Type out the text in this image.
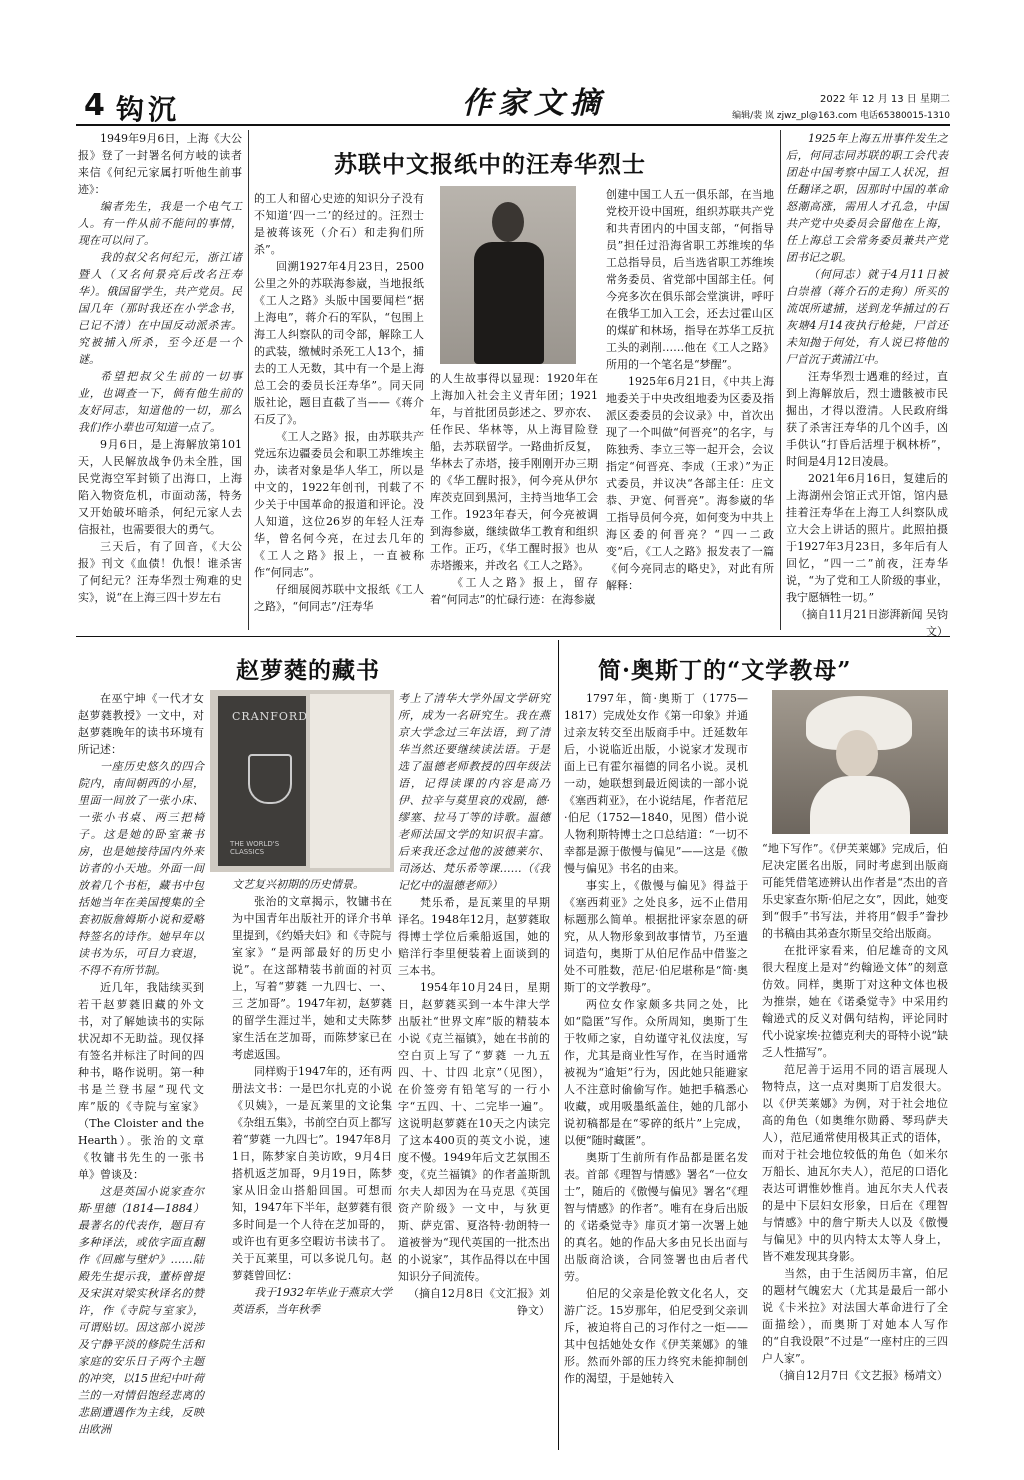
4 钩沉	作家文摘	2022 年 12 月 13 日 星期二
编辑/裴 岚 zjwz_pl@163.com 电话65380015-1310
苏联中文报纸中的汪寿华烈士

1949年9月6日，上海《大公报》登了一封署名何方岐的读者来信《何纪元家属打听他生前事迹》：

编者先生，我是一个电气工人。有一件从前不能问的事情，现在可以问了。

我的叔父名何纪元，浙江诸暨人（又名何景亮后改名汪寿华）。俄国留学生，共产党员。民国几年（那时我还在小学念书，已记不清）在中国反动派杀害。究被捕入所杀，至今还是一个谜。

希望把叔父生前的一切事业，也调查一下，倘有他生前的友好同志，知道他的一切，那么我们作小辈也可知道一点了。

9月6日，是上海解放第101天，人民解放战争仍未全胜，国民党海空军封锁了出海口，上海陷入物资危机，市面动荡，特务又开始破坏暗杀，何纪元家人去信报社，也需要很大的勇气。

三天后，有了回音，《大公报》刊文《血债！仇恨！谁杀害了何纪元？汪寿华烈士殉难的史实》，说“在上海三四十岁左右

的工人和留心史迹的知识分子没有不知道‘四一二’的经过的。汪烈士是被蒋该死（介石）和走狗们所杀”。

回溯1927年4月23日，2500公里之外的苏联海参崴，当地报纸《工人之路》头版中国要闻栏“据上海电”，蒋介石的军队，“包围上海工人纠察队的司令部，解除工人的武装，缴械时杀死工人13个，捕去的工人无数，其中有一个是上海总工会的委员长汪寿华”。同天同版社论，题目直截了当——《蒋介石反了》。

《工人之路》报，由苏联共产党远东边疆委员会和职工苏维埃主办，读者对象是华人华工，所以是中文的，1922年创刊，刊载了不少关于中国革命的报道和评论。没人知道，这位26岁的年轻人汪寿华，曾名何今亮，在过去几年的《工人之路》报上，一直被称作“何同志”。

仔细展阅苏联中文报纸《工人之路》，“何同志”/汪寿华

的人生故事得以显现：1920年在上海加入社会主义青年团；1921年，与首批团员彭述之、罗亦农、任作民、华林等，从上海冒险登船，去苏联留学。一路曲折反复，华林去了赤塔，接手刚刚开办三期的《华工醒时报》，何今亮从伊尔库茨克回到黑河，主持当地华工会工作。1923年春天，何今亮被调到海参崴，继续做华工教育和组织工作。正巧，《华工醒时报》也从赤塔搬来，并改名《工人之路》。

《工人之路》报上，留存着“何同志”的忙碌行迹：在海参崴

创建中国工人五一俱乐部，在当地党校开设中国班，组织苏联共产党和共青团内的中国支部，“何指导员”担任过沿海省职工苏维埃的华工总指导员，后当选省职工苏维埃常务委员、省党部中国部主任。何今亮多次在俱乐部会堂演讲，呼吁在俄华工加入工会，还去过霍山区的煤矿和林场，指导在苏华工反抗工头的剥削……他在《工人之路》所用的一个笔名是“梦醒”。

1925年6月21日，《中共上海地委关于中央改组地委为区委及指派区委委员的会议录》中，首次出现了一个叫做“何晋亮”的名字，与陈独秀、李立三等一起开会，会议指定“何晋亮、李成（王求）”为正式委员，并议决“各部主任：庄文恭、尹宽、何晋亮”。海参崴的华工指导员何今亮，如何变为中共上海区委的何晋亮？“四一二政变”后，《工人之路》报发表了一篇《何今亮同志的略史》，对此有所解释：

1925年上海五卅事件发生之后，何同志同苏联的职工会代表团赴中国考察中国工人状况，担任翻译之职，因那时中国的革命怒潮高涨，需用人才孔急，中国共产党中央委员会留他在上海，任上海总工会常务委员兼共产党团书记之职。

（何同志）就于4月11日被白崇禧（蒋介石的走狗）所买的流氓所逮捕，送到龙华捕过的石灰塘4月14夜执行枪毙，尸首还未知抛于何处，有人说已将他的尸首沉于黄浦江中。

汪寿华烈士遇难的经过，直到上海解放后，烈士遗骸被市民掘出，才得以澄清。人民政府缉获了杀害汪寿华的几个凶手，凶手供认“打昏后活埋于枫林桥”，时间是4月12日凌晨。

2021年6月16日，复建后的上海湖州会馆正式开馆，馆内悬挂着汪寿华在上海工人纠察队成立大会上讲话的照片。此照拍摄于1927年3月23日，多年后有人回忆，“四一二”前夜，汪寿华说，“为了党和工人阶级的事业，我宁愿牺牲一切。”

（摘自11月21日澎湃新闻 吴钧文）

赵萝蕤的藏书

在巫宁坤《一代才女赵萝蕤教授》一文中，对赵萝蕤晚年的读书环境有所记述：

一座历史悠久的四合院内，南间朝西的小屋，里面一间放了一张小床、一张小书桌、两三把椅子。这是她的卧室兼书房，也是她接待国内外来访者的小天地。外面一间放着几个书柜，藏书中包括她当年在美国搜集的全套初版詹姆斯小说和爱略特签名的诗作。她早年以读书为乐，可目力衰退，不得不有所节制。

近几年，我陆续买到若干赵萝蕤旧藏的外文书，对了解她读书的实际状况却不无助益。现仅择有签名并标注了时间的四种书，略作说明。第一种书是兰登书屋“现代文库”版的《寺院与室家》（The Cloister and the Hearth）。张治的文章《牧镛书先生的一张书单》曾谈及：

这是英国小说家查尔斯·里德（1814—1884）最著名的代表作，题目有多种译法，或依字面直翻作《回廊与壁炉》……陆殿先生提示我，董桥曾提及宋淇对梁实秋译名的赞许，作《寺院与室家》，可谓贴切。因这部小说涉及宁静平淡的修院生活和家庭的安乐日子两个主题的冲突，以15世纪中叶荷兰的一对情侣饱经悲离的悲剧遭遇作为主线，反映出欧洲

CRANFORD
THE WORLD'S CLASSICS

文艺复兴初期的历史情景。

张治的文章揭示，牧镛书在为中国青年出版社开的译介书单里提到，《约婚夫妇》和《寺院与室家》“是两部最好的历史小说”。在这部精装书前面的衬页上，写着“萝蕤 一九四七、一、三 芝加哥”。1947年初，赵萝蕤的留学生涯过半，她和丈夫陈梦家生活在芝加哥，而陈梦家已在考虑返国。

同样购于1947年的，还有两册法文书：一是巴尔扎克的小说《贝姨》，一是瓦莱里的文论集《杂组五集》，书前空白页上都写着“萝蕤 一九四七”。1947年8月1日，陈梦家自美访欧，9月4日搭机返芝加哥，9月19日，陈梦家从旧金山搭船回国。可想而知，1947年下半年，赵萝蕤有很多时间是一个人待在芝加哥的，或许也有更多空暇访书读书了。关于瓦莱里，可以多说几句。赵萝蕤曾回忆：

我于1932年毕业于燕京大学英语系，当年秋季

考上了清华大学外国文学研究所，成为一名研究生。我在燕京大学念过三年法语，到了清华当然还要继续读法语。于是选了温德老师教授的四年级法语，记得读课的内容是高乃伊、拉辛与莫里哀的戏剧，德·缪塞、拉马丁等的诗歌。温德老师法国文学的知识很丰富。后来我还念过他的波德莱尔、司汤达、梵乐希等课……（《我记忆中的温德老师》）

梵乐希，是瓦莱里的早期译名。1948年12月，赵萝蕤取得博士学位后乘船返国，她的赔洋行李里便装着上面谈到的三本书。

1954年10月24日，星期日，赵萝蕤买到一本牛津大学出版社“世界文库”版的精装本小说《克兰福镇》，她在书前的空白页上写了“萝蕤 一九五四、十、廿四 北京”（见图），在价签旁有铅笔写的一行小字“五四、十、二完毕一遍”。这说明赵萝蕤在10天之内读完了这本400页的英文小说，速度不慢。1949年后文艺氛围丕变，《克兰福镇》的作者盖斯凯尔夫人却因为在马克思《英国资产阶级》一文中，与狄更斯、萨克雷、夏洛特·勃朗特一道被誉为“现代英国的一批杰出的小说家”，其作品得以在中国知识分子间流传。

（摘自12月8日《文汇报》刘铮文）

简·奥斯丁的“文学教母”

1797年，简·奥斯丁（1775—1817）完成处女作《第一印象》并通过亲友转交至出版商手中。迁延数年后，小说临近出版，小说家才发现市面上已有霍尔福德的同名小说。灵机一动，她联想到最近阅读的一部小说《塞西莉亚》，在小说结尾，作者范尼·伯尼（1752—1840，见图）借小说人物利斯特博士之口总结道：“一切不幸都是源于傲慢与偏见”——这是《傲慢与偏见》书名的由来。

事实上，《傲慢与偏见》得益于《塞西莉亚》之处良多，远不止借用标题那么简单。根据批评家奈恩的研究，从人物形象到故事情节，乃至遣词造句，奥斯丁从伯尼作品中借鉴之处不可胜数，范尼·伯尼堪称是“简·奥斯丁的文学教母”。

两位女作家颇多共同之处，比如“隐匿”写作。众所周知，奥斯丁生于牧师之家，自幼谨守礼仪法度，写作，尤其是商业性写作，在当时通常被视为“逾矩”行为，因此她只能避家人不注意时偷偷写作。她把手稿悉心收藏，或用吸墨纸盖住，她的几部小说初稿都是在“零碎的纸片”上完成，以便“随时藏匿”。

奥斯丁生前所有作品都是匿名发表。首部《理智与情感》署名“一位女士”，随后的《傲慢与偏见》署名“《理智与情感》的作者”。唯有在身后出版的《诺桑觉寺》扉页才第一次署上她的真名。她的作品大多由兄长出面与出版商洽谈，合同签署也由后者代劳。

伯尼的父亲是伦敦文化名人，交游广泛。15岁那年，伯尼受到父亲训斥，被迫将自己的习作付之一炬——其中包括她处女作《伊芙莱娜》的雏形。然而外部的压力终究未能抑制创作的渴望，于是她转入

“地下写作”。《伊芙莱娜》完成后，伯尼决定匿名出版，同时考虑到出版商可能凭借笔迹辨认出作者是“杰出的音乐史家查尔斯·伯尼之女”，因此，她变到“假手”书写法，并将用“假手”誊抄的书稿由其弟查尔斯呈交给出版商。

在批评家看来，伯尼雄奇的文风很大程度上是对“约翰逊文体”的刻意仿效。同样，奥斯丁对这种文体也极为推崇，她在《诺桑觉寺》中采用约翰逊式的反义对偶句结构，评论同时代小说家埃·拉德克利夫的哥特小说“缺乏人性描写”。

范尼善于运用不同的语言展现人物特点，这一点对奥斯丁启发很大。以《伊芙莱娜》为例，对于社会地位高的角色（如奥维尔勋爵、琴玛萨夫人），范尼通常使用极其正式的语体，而对于社会地位较低的角色（如米尔万船长、迪瓦尔夫人），范尼的口语化表达可谓惟妙惟肖。迪瓦尔夫人代表的是中下层妇女形象，日后在《理智与情感》中的詹宁斯夫人以及《傲慢与偏见》中的贝内特太太等人身上，皆不难发现其身影。

当然，由于生活阅历丰富，伯尼的题材气魄宏大（尤其是最后一部小说《卡米拉》对法国大革命进行了全面描绘），而奥斯丁对她本人写作的“自我设限”不过是“一座村庄的三四户人家”。

（摘自12月7日《文艺报》杨靖文）
